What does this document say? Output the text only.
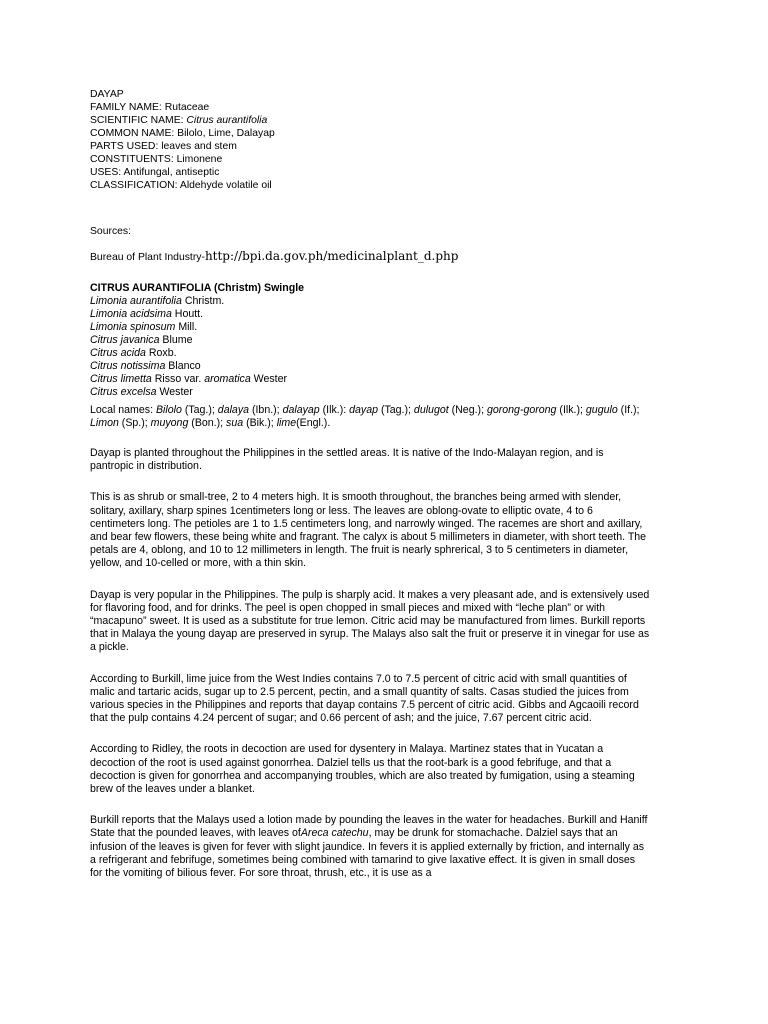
DAYAP
FAMILY NAME: Rutaceae
SCIENTIFIC NAME: Citrus aurantifolia
COMMON NAME: Bilolo, Lime, Dalayap
PARTS USED: leaves and stem
CONSTITUENTS: Limonene
USES: Antifungal, antiseptic
CLASSIFICATION: Aldehyde volatile oil
Sources:
Bureau of Plant Industry-http://bpi.da.gov.ph/medicinalplant_d.php
CITRUS AURANTIFOLIA (Christm) Swingle
Limonia aurantifolia Christm.
Limonia acidsima Houtt.
Limonia spinosum Mill.
Citrus javanica Blume
Citrus acida Roxb.
Citrus notissima Blanco
Citrus limetta Risso var. aromatica Wester
Citrus excelsa Wester
Local names: Bilolo (Tag.); dalaya (Ibn.); dalayap (Ilk.): dayap (Tag.); dulugot (Neg.); gorong-gorong (Ilk.); gugulo (If.); Limon (Sp.); muyong (Bon.); sua (Bik.); lime(Engl.).
Dayap is planted throughout the Philippines in the settled areas. It is native of the Indo-Malayan region, and is pantropic in distribution.
This is as shrub or small-tree, 2 to 4 meters high. It is smooth throughout, the branches being armed with slender, solitary, axillary, sharp spines 1centimeters long or less. The leaves are oblong-ovate to elliptic ovate, 4 to 6 centimeters long. The petioles are 1 to 1.5 centimeters long, and narrowly winged. The racemes are short and axillary, and bear few flowers, these being white and fragrant. The calyx is about 5 millimeters in diameter, with short teeth. The petals are 4, oblong, and 10 to 12 millimeters in length. The fruit is nearly sphrerical, 3 to 5 centimeters in diameter, yellow, and 10-celled or more, with a thin skin.
Dayap is very popular in the Philippines. The pulp is sharply acid. It makes a very pleasant ade, and is extensively used for flavoring food, and for drinks. The peel is open chopped in small pieces and mixed with “leche plan” or with “macapuno” sweet. It is used as a substitute for true lemon. Citric acid may be manufactured from limes. Burkill reports that in Malaya the young dayap are preserved in syrup. The Malays also salt the fruit or preserve it in vinegar for use as a pickle.
According to Burkill, lime juice from the West Indies contains 7.0 to 7.5 percent of citric acid with small quantities of malic and tartaric acids, sugar up to 2.5 percent, pectin, and a small quantity of salts. Casas studied the juices from various species in the Philippines and reports that dayap contains 7.5 percent of citric acid. Gibbs and Agcaoili record that the pulp contains 4.24 percent of sugar; and 0.66 percent of ash; and the juice, 7.67 percent citric acid.
According to Ridley, the roots in decoction are used for dysentery in Malaya. Martinez states that in Yucatan a decoction of the root is used against gonorrhea. Dalziel tells us that the root-bark is a good febrifuge, and that a decoction is given for gonorrhea and accompanying troubles, which are also treated by fumigation, using a steaming brew of the leaves under a blanket.
Burkill reports that the Malays used a lotion made by pounding the leaves in the water for headaches. Burkill and Haniff State that the pounded leaves, with leaves ofAreca catechu, may be drunk for stomachache. Dalziel says that an infusion of the leaves is given for fever with slight jaundice. In fevers it is applied externally by friction, and internally as a refrigerant and febrifuge, sometimes being combined with tamarind to give laxative effect. It is given in small doses for the vomiting of bilious fever. For sore throat, thrush, etc., it is use as a
